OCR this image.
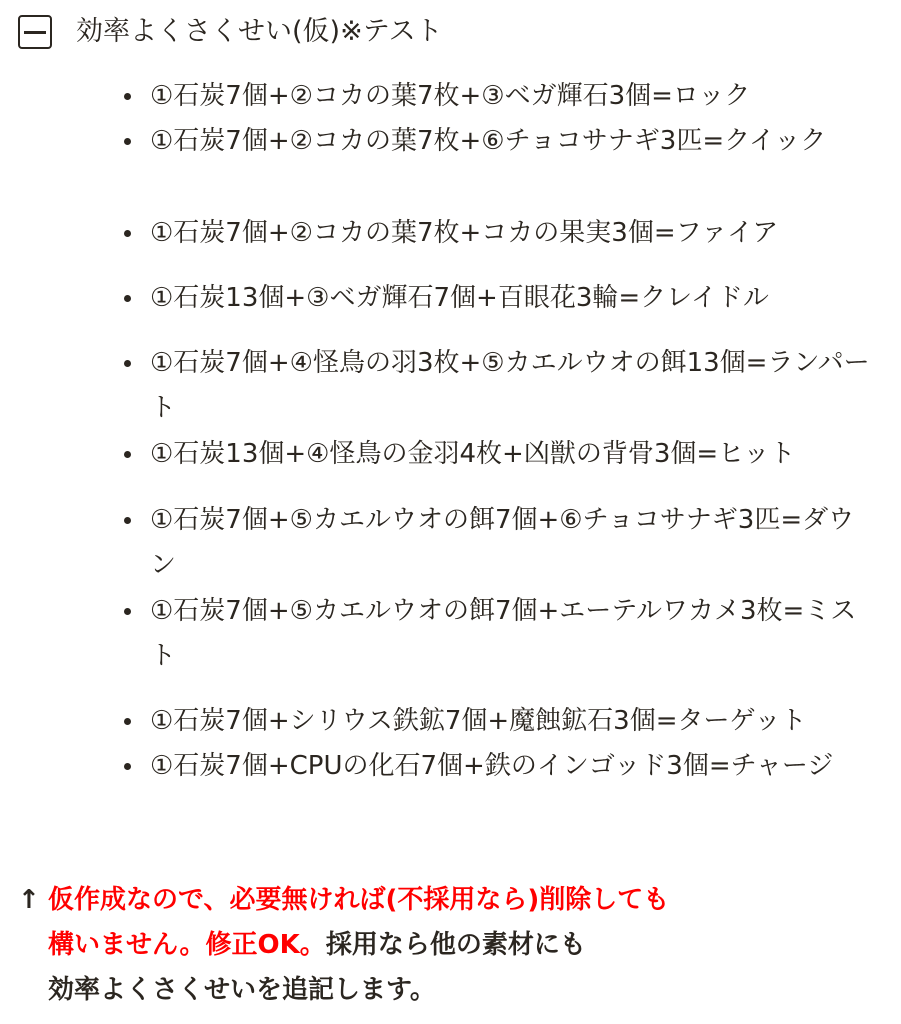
効率よくさくせい(仮)※テスト
①石炭7個+②コカの葉7枚+③ベガ輝石3個=ロック
①石炭7個+②コカの葉7枚+⑥チョコサナギ3匹=クイック
①石炭7個+②コカの葉7枚+コカの果実3個=ファイア
①石炭13個+③ベガ輝石7個+百眼花3輪=クレイドル
①石炭7個+④怪鳥の羽3枚+⑤カエルウオの餌13個=ランパート
①石炭13個+④怪鳥の金羽4枚+凶獣の背骨3個=ヒット
①石炭7個+⑤カエルウオの餌7個+⑥チョコサナギ3匹=ダウン
①石炭7個+⑤カエルウオの餌7個+エーテルワカメ3枚=ミスト
①石炭7個+シリウス鉄鉱7個+魔蝕鉱石3個=ターゲット
①石炭7個+CPUの化石7個+鉄のインゴッド3個=チャージ
↑ 仮作成なので、必要無ければ(不採用なら)削除しても
構いません。修正OK。採用なら他の素材にも
効率よくさくせいを追記します。
